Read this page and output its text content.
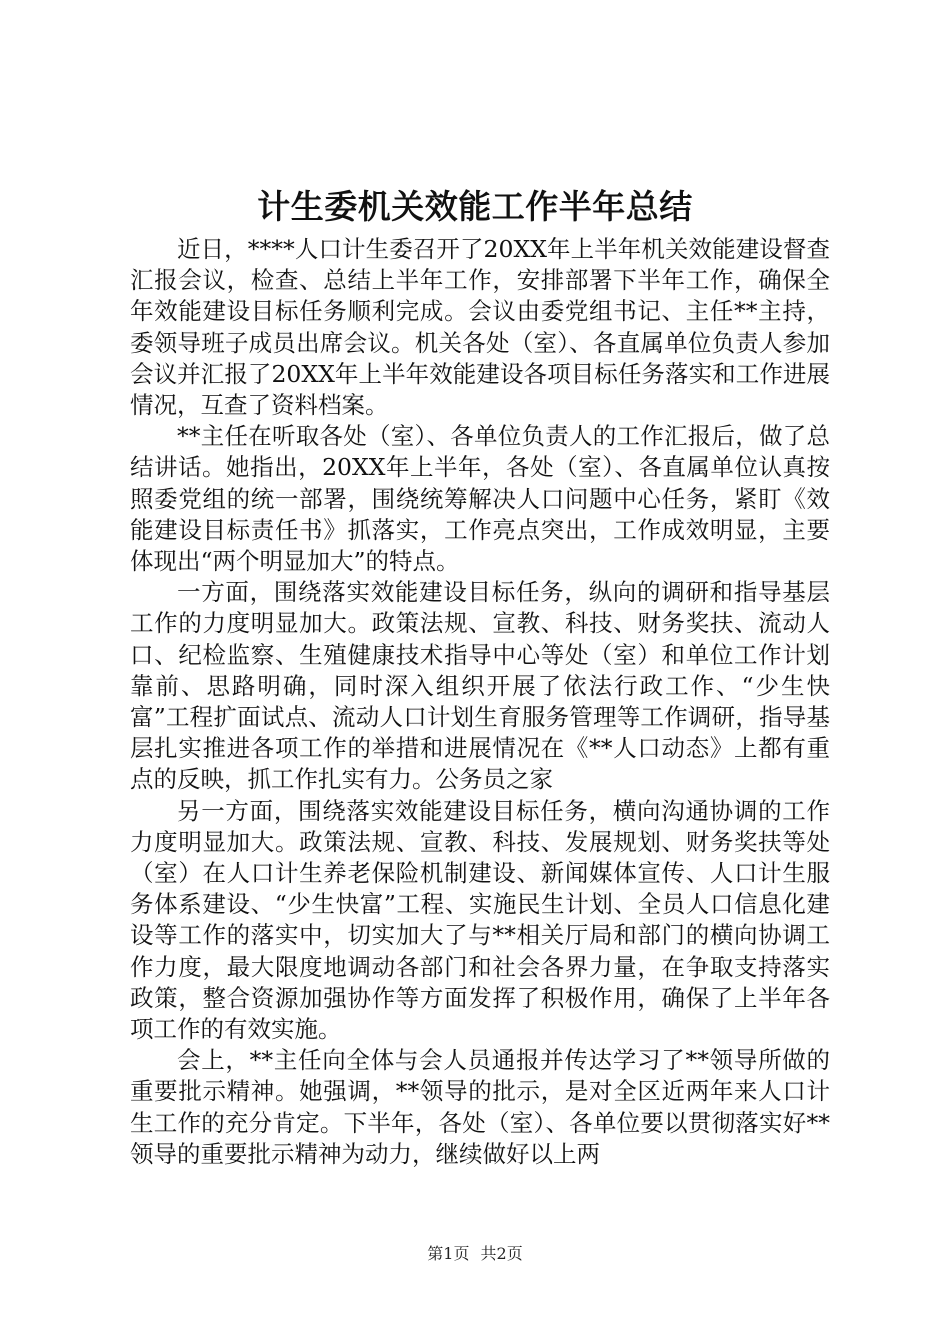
计生委机关效能工作半年总结

近日，****人口计生委召开了20XX年上半年机关效能建设督查汇报会议，检查、总结上半年工作，安排部署下半年工作，确保全年效能建设目标任务顺利完成。会议由委党组书记、主任**主持，委领导班子成员出席会议。机关各处（室）、各直属单位负责人参加会议并汇报了20XX年上半年效能建设各项目标任务落实和工作进展情况，互查了资料档案。

**主任在听取各处（室）、各单位负责人的工作汇报后，做了总结讲话。她指出，20XX年上半年，各处（室）、各直属单位认真按照委党组的统一部署，围绕统筹解决人口问题中心任务，紧盯《效能建设目标责任书》抓落实，工作亮点突出，工作成效明显，主要体现出“两个明显加大”的特点。

一方面，围绕落实效能建设目标任务，纵向的调研和指导基层工作的力度明显加大。政策法规、宣教、科技、财务奖扶、流动人口、纪检监察、生殖健康技术指导中心等处（室）和单位工作计划靠前、思路明确，同时深入组织开展了依法行政工作、“少生快富”工程扩面试点、流动人口计划生育服务管理等工作调研，指导基层扎实推进各项工作的举措和进展情况在《**人口动态》上都有重点的反映，抓工作扎实有力。公务员之家

另一方面，围绕落实效能建设目标任务，横向沟通协调的工作力度明显加大。政策法规、宣教、科技、发展规划、财务奖扶等处（室）在人口计生养老保险机制建设、新闻媒体宣传、人口计生服务体系建设、“少生快富”工程、实施民生计划、全员人口信息化建设等工作的落实中，切实加大了与**相关厅局和部门的横向协调工作力度，最大限度地调动各部门和社会各界力量，在争取支持落实政策，整合资源加强协作等方面发挥了积极作用，确保了上半年各项工作的有效实施。

会上，**主任向全体与会人员通报并传达学习了**领导所做的重要批示精神。她强调，**领导的批示，是对全区近两年来人口计生工作的充分肯定。下半年，各处（室）、各单位要以贯彻落实好**领导的重要批示精神为动力，继续做好以上两

第1页 共2页
